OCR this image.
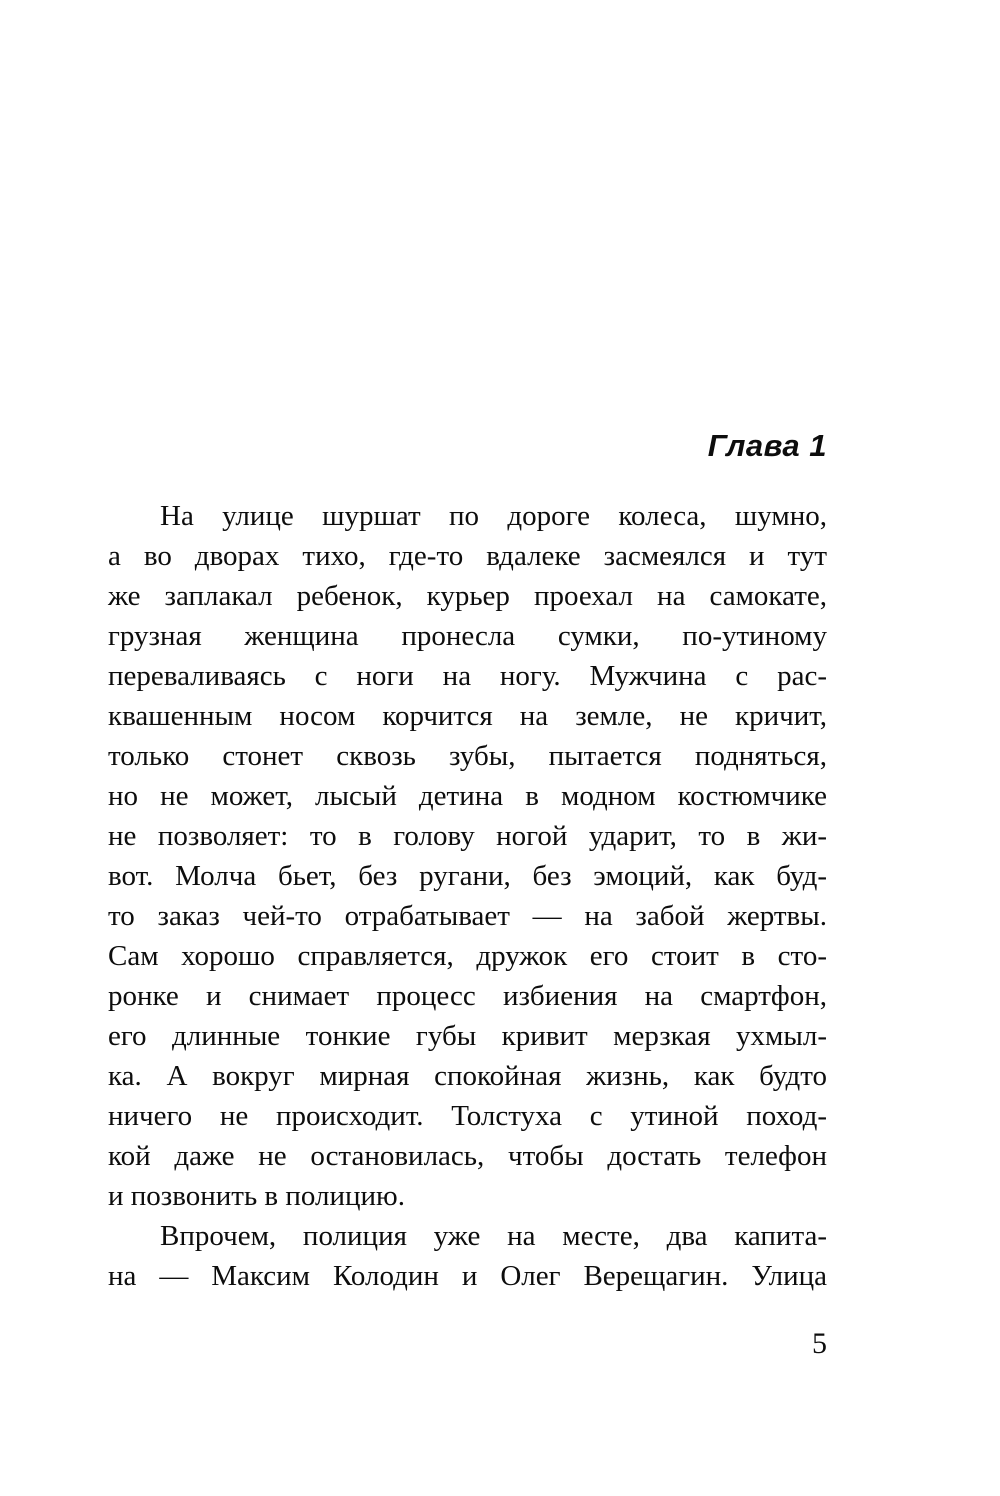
Глава 1
На улице шуршат по дороге колеса, шумно,
а во дворах тихо, где-то вдалеке засмеялся и тут
же заплакал ребенок, курьер проехал на самокате,
грузная женщина пронесла сумки, по-утиному
переваливаясь с ноги на ногу. Мужчина с рас-
квашенным носом корчится на земле, не кричит,
только стонет сквозь зубы, пытается подняться,
но не может, лысый детина в модном костюмчике
не позволяет: то в голову ногой ударит, то в жи-
вот. Молча бьет, без ругани, без эмоций, как буд-
то заказ чей-то отрабатывает — на забой жертвы.
Сам хорошо справляется, дружок его стоит в сто-
ронке и снимает процесс избиения на смартфон,
его длинные тонкие губы кривит мерзкая ухмыл-
ка. А вокруг мирная спокойная жизнь, как будто
ничего не происходит. Толстуха с утиной поход-
кой даже не остановилась, чтобы достать телефон
и позвонить в полицию.
Впрочем, полиция уже на месте, два капита-
на — Максим Колодин и Олег Верещагин. Улица
5
